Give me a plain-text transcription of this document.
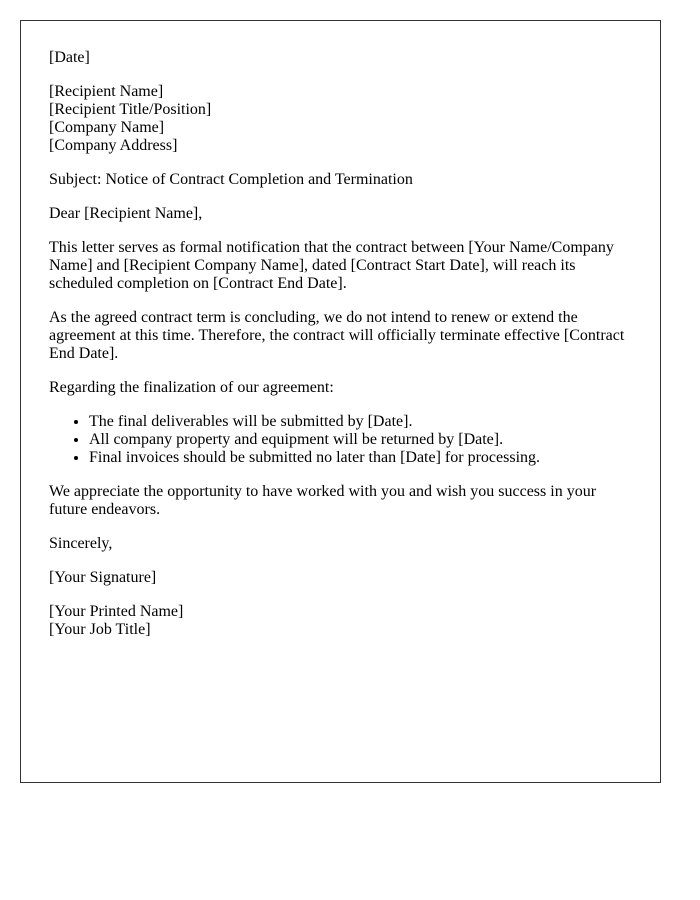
[Date]

[Recipient Name]

[Recipient Title/Position]

[Company Name]

[Company Address]

Subject: Notice of Contract Completion and Termination

Dear [Recipient Name],

This letter serves as formal notification that the contract between [Your Name/Company Name] and [Recipient Company Name], dated [Contract Start Date], will reach its scheduled completion on [Contract End Date].

As the agreed contract term is concluding, we do not intend to renew or extend the agreement at this time. Therefore, the contract will officially terminate effective [Contract End Date].

Regarding the finalization of our agreement:

• The final deliverables will be submitted by [Date].
• All company property and equipment will be returned by [Date].
• Final invoices should be submitted no later than [Date] for processing.

We appreciate the opportunity to have worked with you and wish you success in your future endeavors.

Sincerely,

[Your Signature]

[Your Printed Name]

[Your Job Title]
